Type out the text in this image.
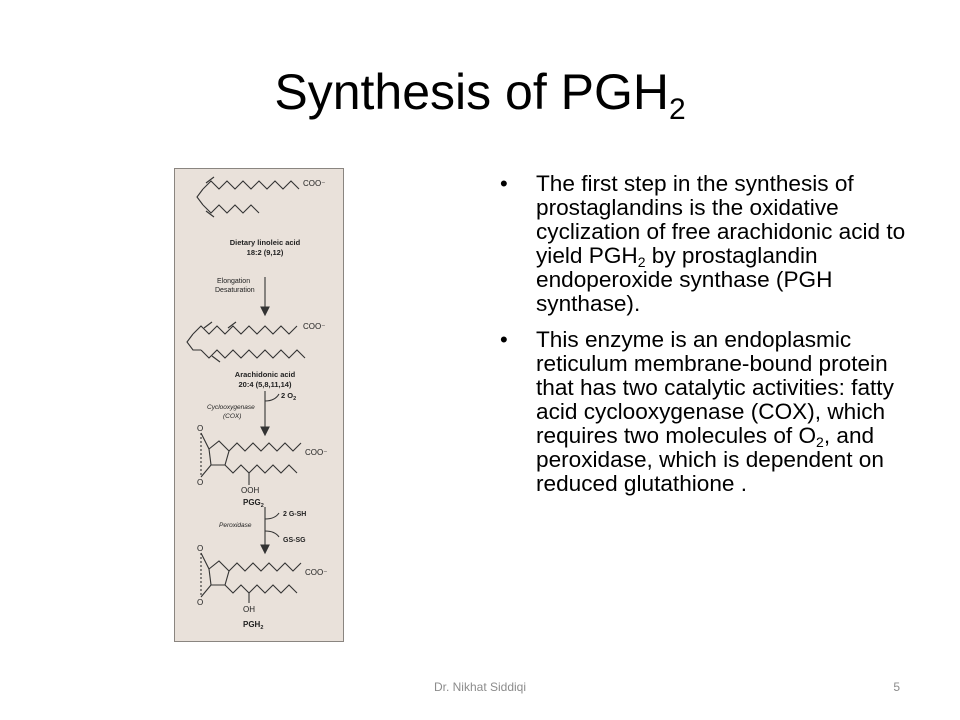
Synthesis of $PGH_2$
COO⁻
Dietary linoleic acid
18:2 (9,12)
Elongation
Desaturation
COO⁻
Arachidonic acid
20:4 (5,8,11,14)
2 $O_2$
Cyclooxygenase
(COX)
O
O
COO⁻
OOH
$PGG_2$
Peroxidase
2 G-SH
GS-SG
O
O
COO⁻
OH
$PGH_2$
• The first step in the synthesis of prostaglandins is the oxidative cyclization of free arachidonic acid to yield $PGH_2$ by prostaglandin endoperoxide synthase (PGH synthase).
• This enzyme is an endoplasmic reticulum membrane-bound protein that has two catalytic activities: fatty acid cyclooxygenase (COX), which requires two molecules of $O_2$, and peroxidase, which is dependent on reduced glutathione .
Dr. Nikhat Siddiqi	5
